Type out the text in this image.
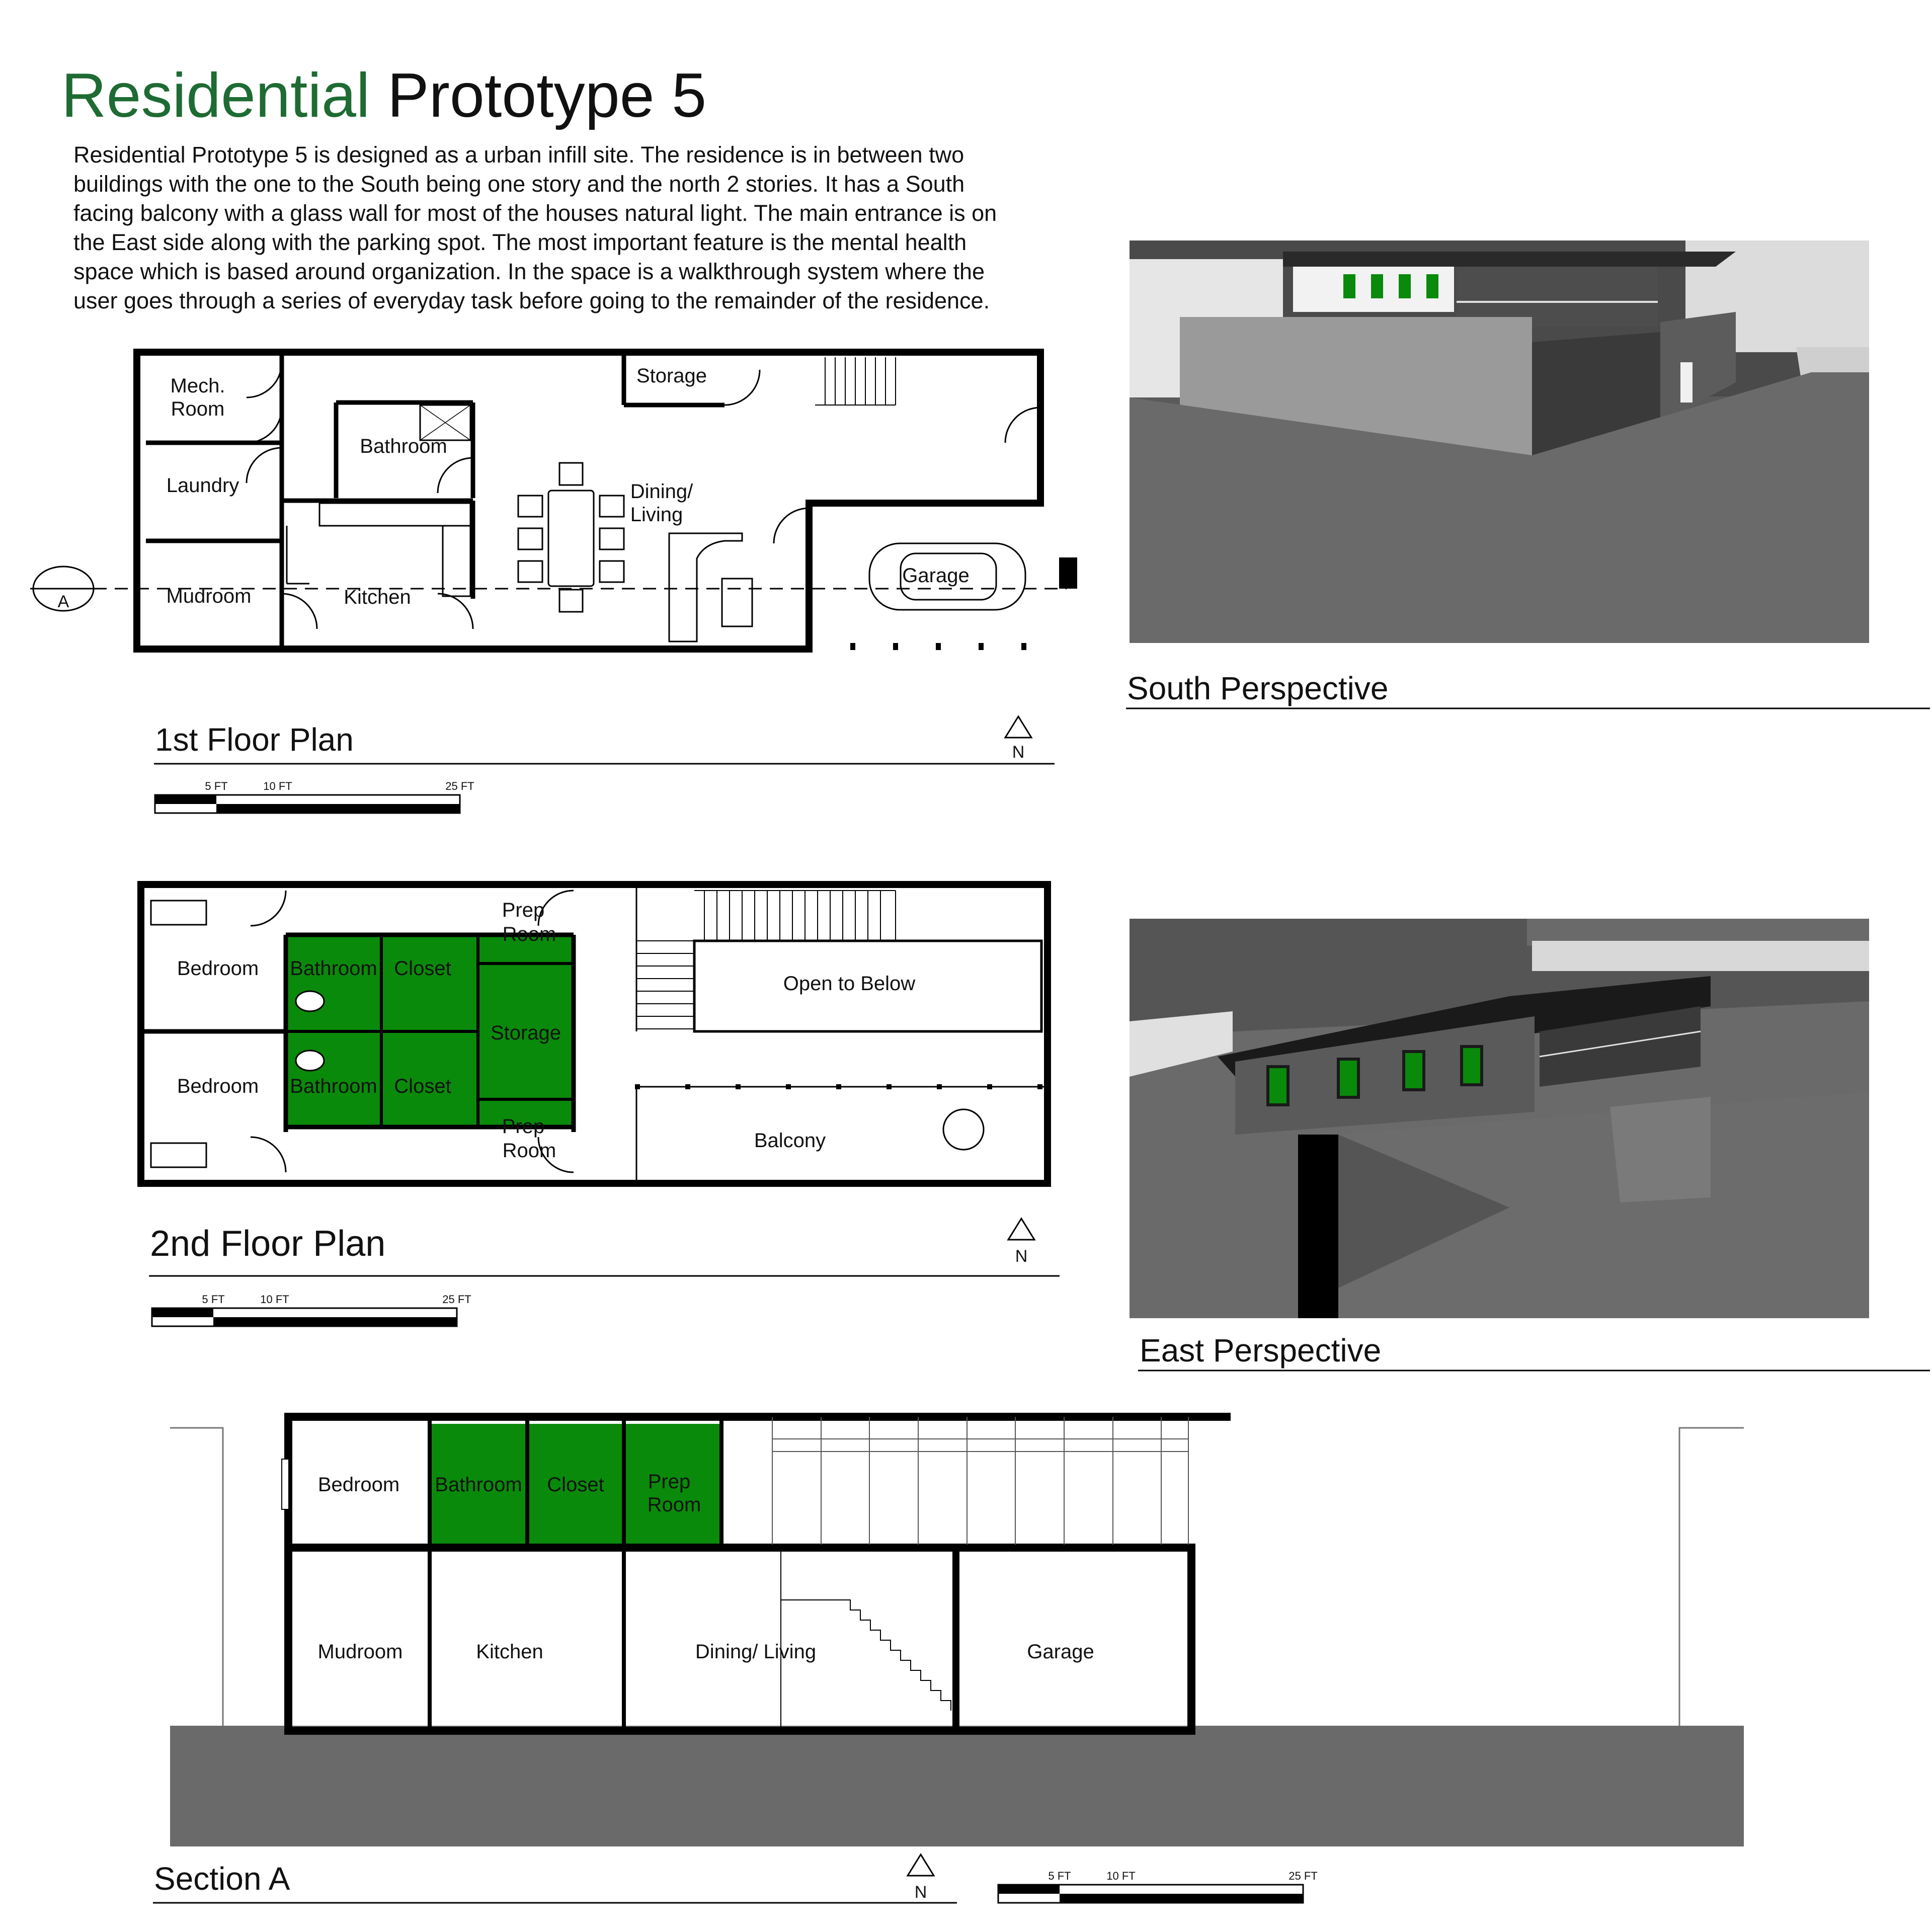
Residential Prototype 5
Residential Prototype 5 is designed as a urban infill site. The residence is in between two
buildings with the one to the South being one story and the north 2 stories. It has a South
facing balcony with a glass wall for most of the houses natural light. The main entrance is on
the East side along with the parking spot. The most important feature is the mental health
space which is based around organization. In the space is a walkthrough system where the
user goes through a series of everyday task before going to the remainder of the residence.
Mech.
Room
Laundry
Mudroom
Bathroom
Kitchen
Storage
Dining/
Living
Garage
A
1st Floor Plan	N
5 FT	10 FT	25 FT
Bedroom
Bedroom
Bathroom
Bathroom
Closet
Closet
Prep
Room
Storage
Prep
Room
Open to Below
Balcony
2nd Floor Plan	N
5 FT	10 FT	25 FT
South Perspective
East Perspective
Bedroom Bathroom Closet Prep
Room
Mudroom	Kitchen	Dining/ Living	Garage
Section A	N
5 FT	10 FT	25 FT
